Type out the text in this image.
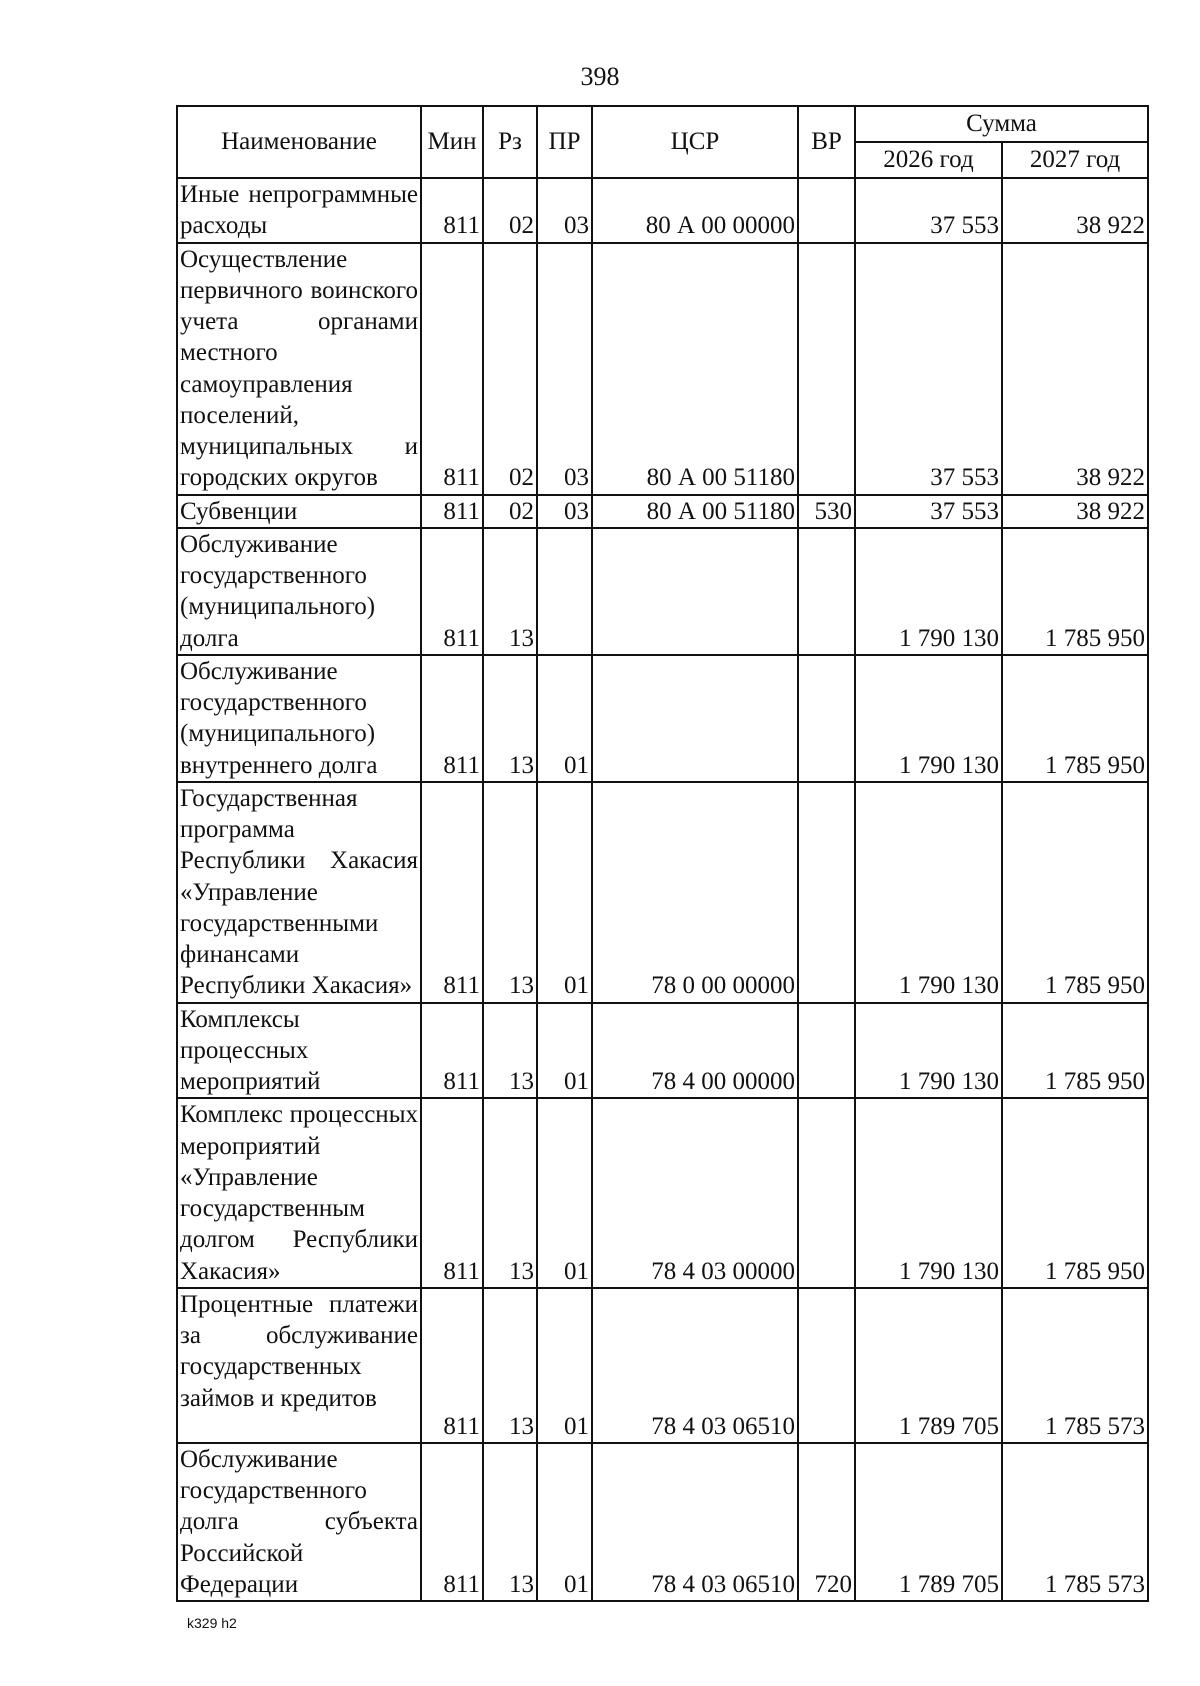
398
Наименование	Мин	Рз	ПР	ЦСР	ВР	Сумма	
						2026 год	2027 год
Иные непрограммные расходы	811	02	03	80 А 00 00000		37 553	38 922
Осуществление первичного воинского учета органами местного самоуправления поселений, муниципальных и городских округов	811	02	03	80 А 00 51180		37 553	38 922
Субвенции	811	02	03	80 А 00 51180	530	37 553	38 922
Обслуживание государственного (муниципального) долга	811	13				1 790 130	1 785 950
Обслуживание государственного (муниципального) внутреннего долга	811	13	01			1 790 130	1 785 950
Государственная программа Республики Хакасия «Управление государственными финансами Республики Хакасия»	811	13	01	78 0 00 00000		1 790 130	1 785 950
Комплексы процессных мероприятий	811	13	01	78 4 00 00000		1 790 130	1 785 950
Комплекс процессных мероприятий «Управление государственным долгом Республики Хакасия»	811	13	01	78 4 03 00000		1 790 130	1 785 950
Процентные платежи за обслуживание государственных займов и кредитов	811	13	01	78 4 03 06510		1 789 705	1 785 573
Обслуживание государственного долга субъекта Российской Федерации	811	13	01	78 4 03 06510	720	1 789 705	1 785 573
k329 h2
